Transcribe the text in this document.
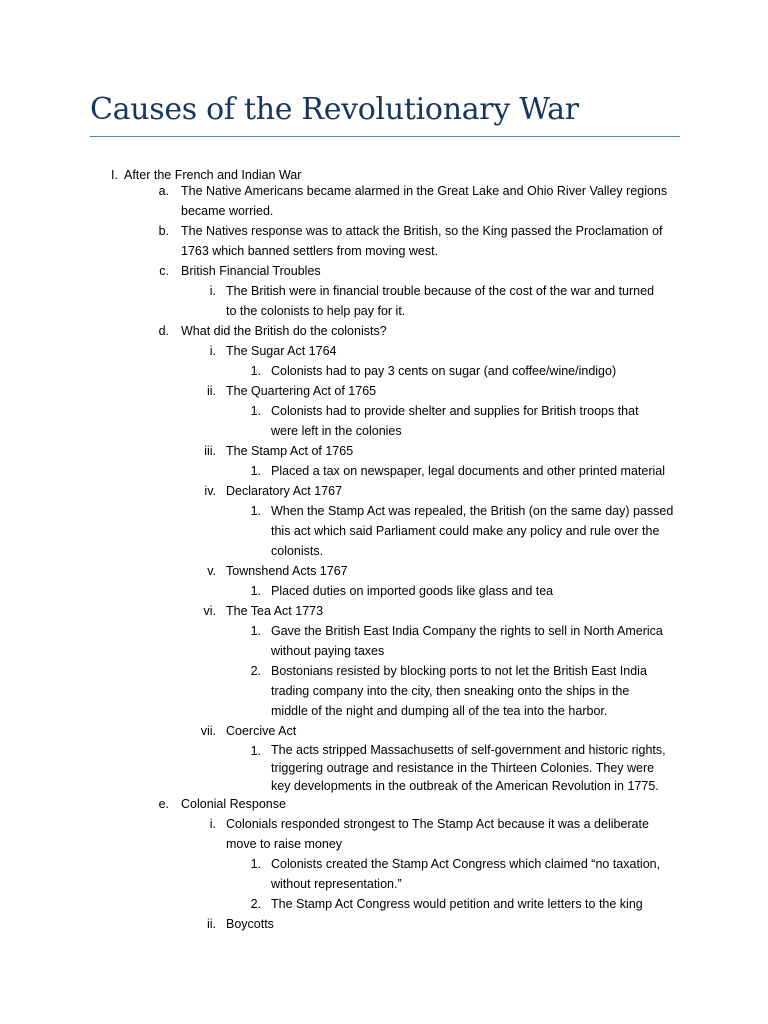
Causes of the Revolutionary War
I. After the French and Indian War
a. The Native Americans became alarmed in the Great Lake and Ohio River Valley regions
became worried.
b. The Natives response was to attack the British, so the King passed the Proclamation of
1763 which banned settlers from moving west.
c. British Financial Troubles
i. The British were in financial trouble because of the cost of the war and turned
to the colonists to help pay for it.
d. What did the British do the colonists?
i. The Sugar Act 1764
1. Colonists had to pay 3 cents on sugar (and coffee/wine/indigo)
ii. The Quartering Act of 1765
1. Colonists had to provide shelter and supplies for British troops that
were left in the colonies
iii. The Stamp Act of 1765
1. Placed a tax on newspaper, legal documents and other printed material
iv. Declaratory Act 1767
1. When the Stamp Act was repealed, the British (on the same day) passed
this act which said Parliament could make any policy and rule over the
colonists.
v. Townshend Acts 1767
1. Placed duties on imported goods like glass and tea
vi. The Tea Act 1773
1. Gave the British East India Company the rights to sell in North America
without paying taxes
2. Bostonians resisted by blocking ports to not let the British East India
trading company into the city, then sneaking onto the ships in the
middle of the night and dumping all of the tea into the harbor.
vii. Coercive Act
1. The acts stripped Massachusetts of self-government and historic rights,
triggering outrage and resistance in the Thirteen Colonies. They were
key developments in the outbreak of the American Revolution in 1775.
e. Colonial Response
i. Colonials responded strongest to The Stamp Act because it was a deliberate
move to raise money
1. Colonists created the Stamp Act Congress which claimed “no taxation,
without representation.”
2. The Stamp Act Congress would petition and write letters to the king
ii. Boycotts
